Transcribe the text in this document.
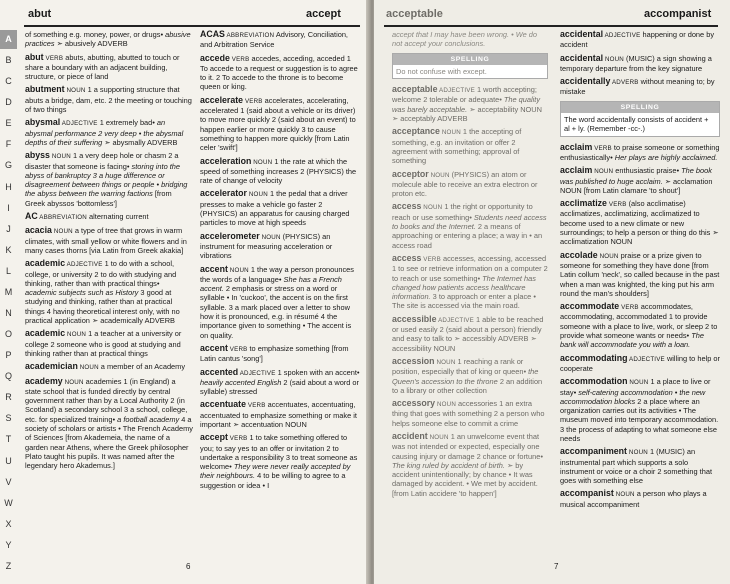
A
B
C
D
E
F
G
H
I
J
K
L
M
N
O
P
Q
R
S
T
U
V
W
X
Y
Z
abut	accept
of something e.g. money, power, or drugs• abusive practices ➣ abusively ADVERB
abut VERB abuts, abutting, abutted to touch or share a boundary with an adjacent building, structure, or piece of land
abutment NOUN 1 a supporting structure that abuts a bridge, dam, etc. 2 the meeting or touching of two things
abysmal ADJECTIVE 1 extremely bad• an abysmal performance 2 very deep • the abysmal depths of their suffering ➣ abysmally ADVERB
abyss NOUN 1 a very deep hole or chasm 2 a disaster that someone is facing• storing into the abyss of bankruptcy 3 a huge difference or disagreement between things or people • bridging the abyss between the warring factions [from Greek abyssos 'bottomless']
AC ABBREVIATION alternating current
acacia NOUN a type of tree that grows in warm climates, with small yellow or white flowers and in many cases thorns [via Latin from Greek akakia]
academic ADJECTIVE 1 to do with a school, college, or university 2 to do with studying and thinking, rather than with practical things• academic subjects such as History 3 good at studying and thinking, rather than at practical things 4 having theoretical interest only, with no practical application ➣ academically ADVERB
academic NOUN 1 a teacher at a university or college 2 someone who is good at studying and thinking rather than at practical things
academician NOUN a member of an Academy
academy NOUN academies 1 (in England) a state school that is funded directly by central government rather than by a Local Authority 2 (in Scotland) a secondary school 3 a school, college, etc. for specialized training• a football academy 4 a society of scholars or artists • The French Academy of Sciences [from Akademeia, the name of a garden near Athens, where the Greek philosopher Plato taught his pupils. It was named after the legendary hero Akademus.]
ACAS ABBREVIATION Advisory, Conciliation, and Arbitration Service
accede VERB accedes, acceding, acceded 1 To accede to a request or suggestion is to agree to it. 2 To accede to the throne is to become queen or king.
accelerate VERB accelerates, accelerating, accelerated 1 (said about a vehicle or its driver) to move more quickly 2 (said about an event) to happen earlier or more quickly 3 to cause something to happen more quickly [from Latin celer 'swift']
acceleration NOUN 1 the rate at which the speed of something increases 2 (PHYSICS) the rate of change of velocity
accelerator NOUN 1 the pedal that a driver presses to make a vehicle go faster 2 (PHYSICS) an apparatus for causing charged particles to move at high speeds
accelerometer NOUN (PHYSICS) an instrument for measuring acceleration or vibrations
accent NOUN 1 the way a person pronounces the words of a language• She has a French accent. 2 emphasis or stress on a word or syllable • In 'cuckoo', the accent is on the first syllable. 3 a mark placed over a letter to show how it is pronounced, e.g. in résumé 4 the importance given to something • The accent is on quality.
accent VERB to emphasize something [from Latin cantus 'song']
accented ADJECTIVE 1 spoken with an accent• heavily accented English 2 (said about a word or syllable) stressed
accentuate VERB accentuates, accentuating, accentuated to emphasize something or make it important ➣ accentuation NOUN
accept VERB 1 to take something offered to you; to say yes to an offer or invitation 2 to undertake a responsibility 3 to treat someone as welcome• They were never really accepted by their neighbours. 4 to be willing to agree to a suggestion or idea • I
6
acceptable	accompanist
accept that I may have been wrong. • We do not accept your conclusions.
SPELLING
Do not confuse with except.
acceptable ADJECTIVE 1 worth accepting; welcome 2 tolerable or adequate• The quality was barely acceptable. ➣ acceptability NOUN ➣ acceptably ADVERB
acceptance NOUN 1 the accepting of something, e.g. an invitation or offer 2 agreement with something; approval of something
acceptor NOUN (PHYSICS) an atom or molecule able to receive an extra electron or proton etc.
access NOUN 1 the right or opportunity to reach or use something• Students need access to books and the Internet. 2 a means of approaching or entering a place; a way in • an access road
access VERB accesses, accessing, accessed 1 to see or retrieve information on a computer 2 to reach or use something• The Internet has changed how patients access healthcare information. 3 to approach or enter a place • The site is accessed via the main road.
accessible ADJECTIVE 1 able to be reached or used easily 2 (said about a person) friendly and easy to talk to ➣ accessibly ADVERB ➣ accessibility NOUN
accession NOUN 1 reaching a rank or position, especially that of king or queen• the Queen's accession to the throne 2 an addition to a library or other collection
accessory NOUN accessories 1 an extra thing that goes with something 2 a person who helps someone else to commit a crime
accident NOUN 1 an unwelcome event that was not intended or expected, especially one causing injury or damage 2 chance or fortune• The king ruled by accident of birth. ➣ by accident unintentionally; by chance • It was damaged by accident. • We met by accident. [from Latin accidere 'to happen']
accidental ADJECTIVE happening or done by accident
accidental NOUN (MUSIC) a sign showing a temporary departure from the key signature
accidentally ADVERB without meaning to; by mistake
SPELLING
The word accidentally consists of accident + al + ly. (Remember -cc-.)
acclaim VERB to praise someone or something enthusiastically• Her plays are highly acclaimed.
acclaim NOUN enthusiastic praise• The book was published to huge acclaim. ➣ acclamation NOUN [from Latin clamare 'to shout']
acclimatize VERB (also acclimatise) acclimatizes, acclimatizing, acclimatized to become used to a new climate or new surroundings; to help a person or thing do this ➣ acclimatization NOUN
accolade NOUN praise or a prize given to someone for something they have done [from Latin collum 'neck', so called because in the past when a man was knighted, the king put his arm round the man's shoulders]
accommodate VERB accommodates, accommodating, accommodated 1 to provide someone with a place to live, work, or sleep 2 to provide what someone wants or needs• The bank will accommodate you with a loan.
accommodating ADJECTIVE willing to help or cooperate
accommodation NOUN 1 a place to live or stay• self-catering accommodation • the new accommodation blocks 2 a place where an organization carries out its activities • The museum moved into temporary accommodation. 3 the process of adapting to what someone else needs
accompaniment NOUN 1 (MUSIC) an instrumental part which supports a solo instrument or voice or a choir 2 something that goes with something else
accompanist NOUN a person who plays a musical accompaniment
7
